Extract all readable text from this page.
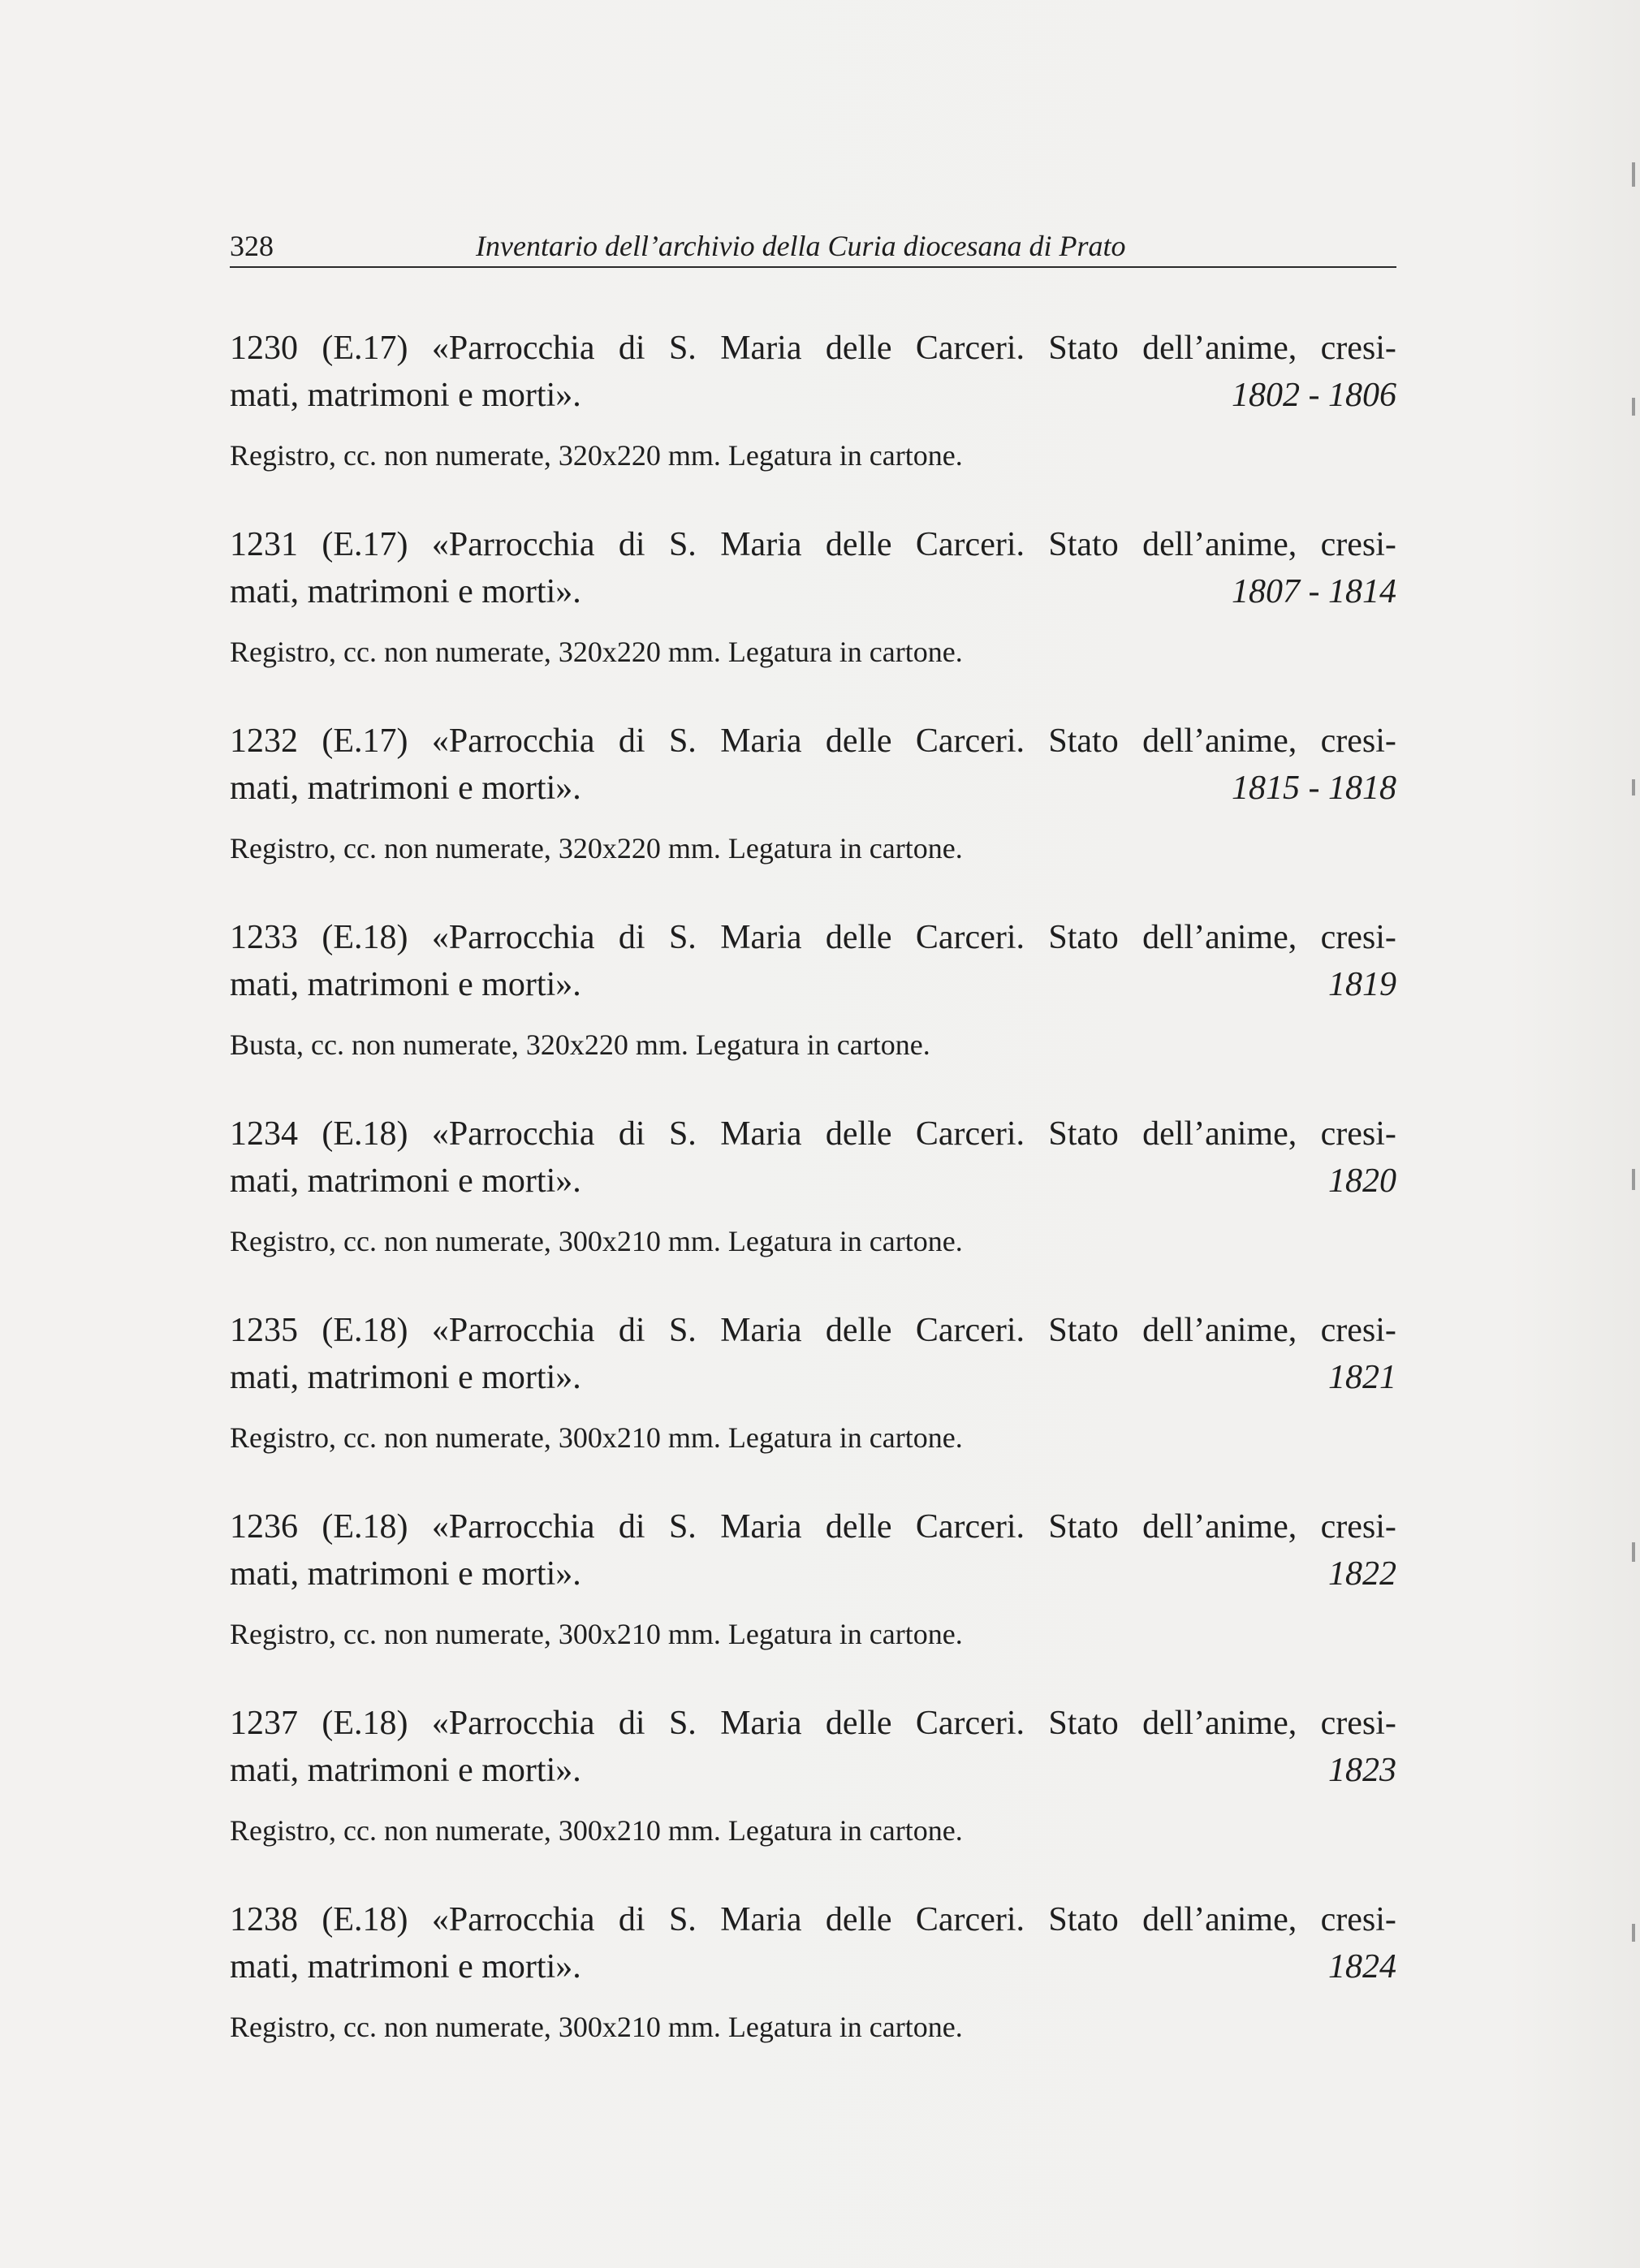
328	Inventario dell’archivio della Curia diocesana di Prato
1230 (E.17) «Parrocchia di S. Maria delle Carceri. Stato dell’anime, cresi-
mati, matrimoni e morti».	1802 - 1806
Registro, cc. non numerate, 320x220 mm. Legatura in cartone.
1231 (E.17) «Parrocchia di S. Maria delle Carceri. Stato dell’anime, cresi-
mati, matrimoni e morti».	1807 - 1814
Registro, cc. non numerate, 320x220 mm. Legatura in cartone.
1232 (E.17) «Parrocchia di S. Maria delle Carceri. Stato dell’anime, cresi-
mati, matrimoni e morti».	1815 - 1818
Registro, cc. non numerate, 320x220 mm. Legatura in cartone.
1233 (E.18) «Parrocchia di S. Maria delle Carceri. Stato dell’anime, cresi-
mati, matrimoni e morti».	1819
Busta, cc. non numerate, 320x220 mm. Legatura in cartone.
1234 (E.18) «Parrocchia di S. Maria delle Carceri. Stato dell’anime, cresi-
mati, matrimoni e morti».	1820
Registro, cc. non numerate, 300x210 mm. Legatura in cartone.
1235 (E.18) «Parrocchia di S. Maria delle Carceri. Stato dell’anime, cresi-
mati, matrimoni e morti».	1821
Registro, cc. non numerate, 300x210 mm. Legatura in cartone.
1236 (E.18) «Parrocchia di S. Maria delle Carceri. Stato dell’anime, cresi-
mati, matrimoni e morti».	1822
Registro, cc. non numerate, 300x210 mm. Legatura in cartone.
1237 (E.18) «Parrocchia di S. Maria delle Carceri. Stato dell’anime, cresi-
mati, matrimoni e morti».	1823
Registro, cc. non numerate, 300x210 mm. Legatura in cartone.
1238 (E.18) «Parrocchia di S. Maria delle Carceri. Stato dell’anime, cresi-
mati, matrimoni e morti».	1824
Registro, cc. non numerate, 300x210 mm. Legatura in cartone.
